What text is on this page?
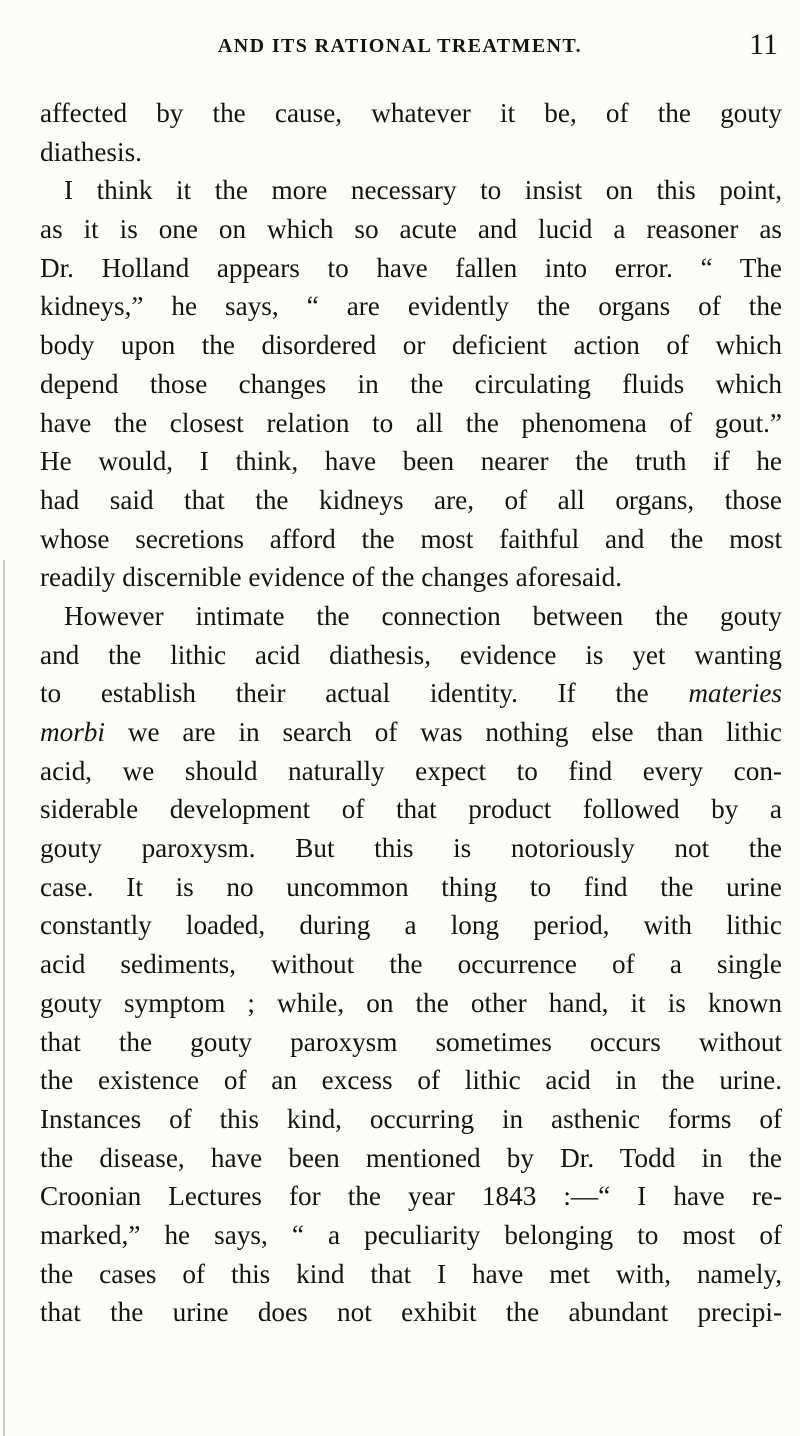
AND ITS RATIONAL TREATMENT.	11
affected by the cause, whatever it be, of the gouty
diathesis.
I think it the more necessary to insist on this point,
as it is one on which so acute and lucid a reasoner as
Dr. Holland appears to have fallen into error. “ The
kidneys,” he says, “ are evidently the organs of the
body upon the disordered or deficient action of which
depend those changes in the circulating fluids which
have the closest relation to all the phenomena of gout.”
He would, I think, have been nearer the truth if he
had said that the kidneys are, of all organs, those
whose secretions afford the most faithful and the most
readily discernible evidence of the changes aforesaid.
However intimate the connection between the gouty
and the lithic acid diathesis, evidence is yet wanting
to establish their actual identity. If the materies
morbi we are in search of was nothing else than lithic
acid, we should naturally expect to find every con-
siderable development of that product followed by a
gouty paroxysm. But this is notoriously not the
case. It is no uncommon thing to find the urine
constantly loaded, during a long period, with lithic
acid sediments, without the occurrence of a single
gouty symptom ; while, on the other hand, it is known
that the gouty paroxysm sometimes occurs without
the existence of an excess of lithic acid in the urine.
Instances of this kind, occurring in asthenic forms of
the disease, have been mentioned by Dr. Todd in the
Croonian Lectures for the year 1843 :—“ I have re-
marked,” he says, “ a peculiarity belonging to most of
the cases of this kind that I have met with, namely,
that the urine does not exhibit the abundant precipi-
